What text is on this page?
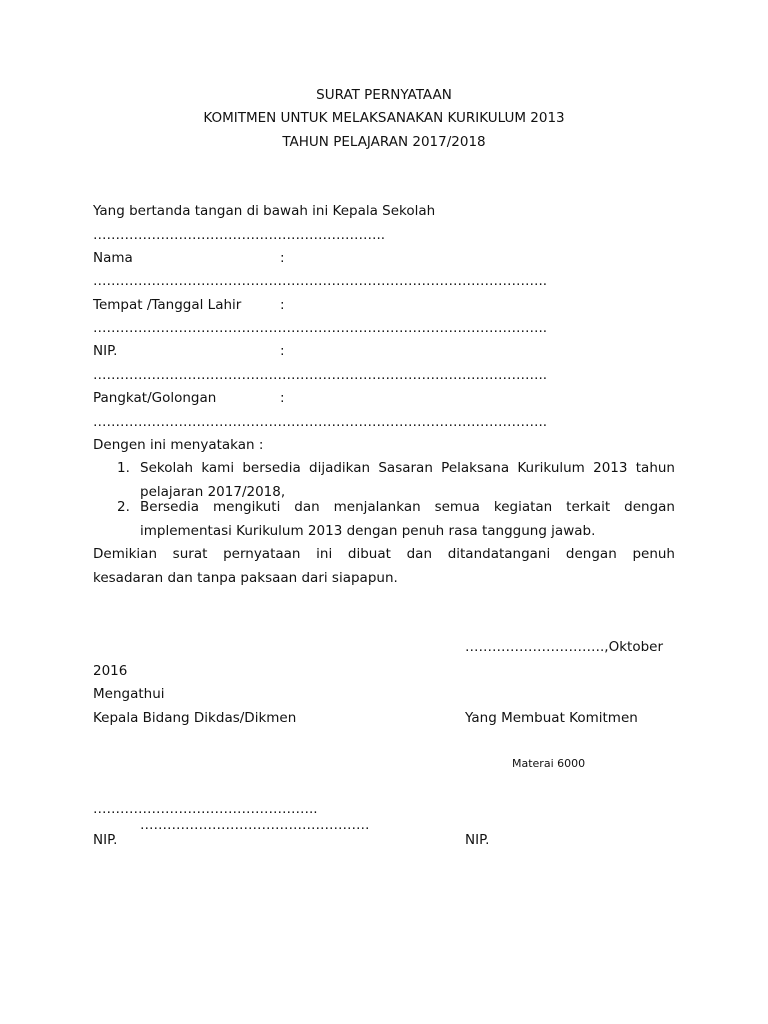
SURAT PERNYATAAN
KOMITMEN UNTUK MELAKSANAKAN KURIKULUM 2013
TAHUN PELAJARAN 2017/2018
Yang bertanda tangan di bawah ini Kepala Sekolah
………………………………………………………..
Nama	:
………………………………………………………………………………………..
Tempat /Tanggal Lahir	:
………………………………………………………………………………………..
NIP.	:
………………………………………………………………………………………..
Pangkat/Golongan	:
………………………………………………………………………………………..
Dengen ini menyatakan :
1. Sekolah kami bersedia dijadikan Sasaran Pelaksana Kurikulum 2013 tahun
pelajaran 2017/2018,
2. Bersedia mengikuti dan menjalankan semua kegiatan terkait dengan
implementasi Kurikulum 2013 dengan penuh rasa tanggung jawab.
Demikian surat pernyataan ini dibuat dan ditandatangani dengan penuh
kesadaran dan tanpa paksaan dari siapapun.
………………………….,Oktober
2016
Mengathui
Kepala Bidang Dikdas/Dikmen	Yang Membuat Komitmen
Materai 6000
…………………………………………..
……………………………………………
NIP.	NIP.
